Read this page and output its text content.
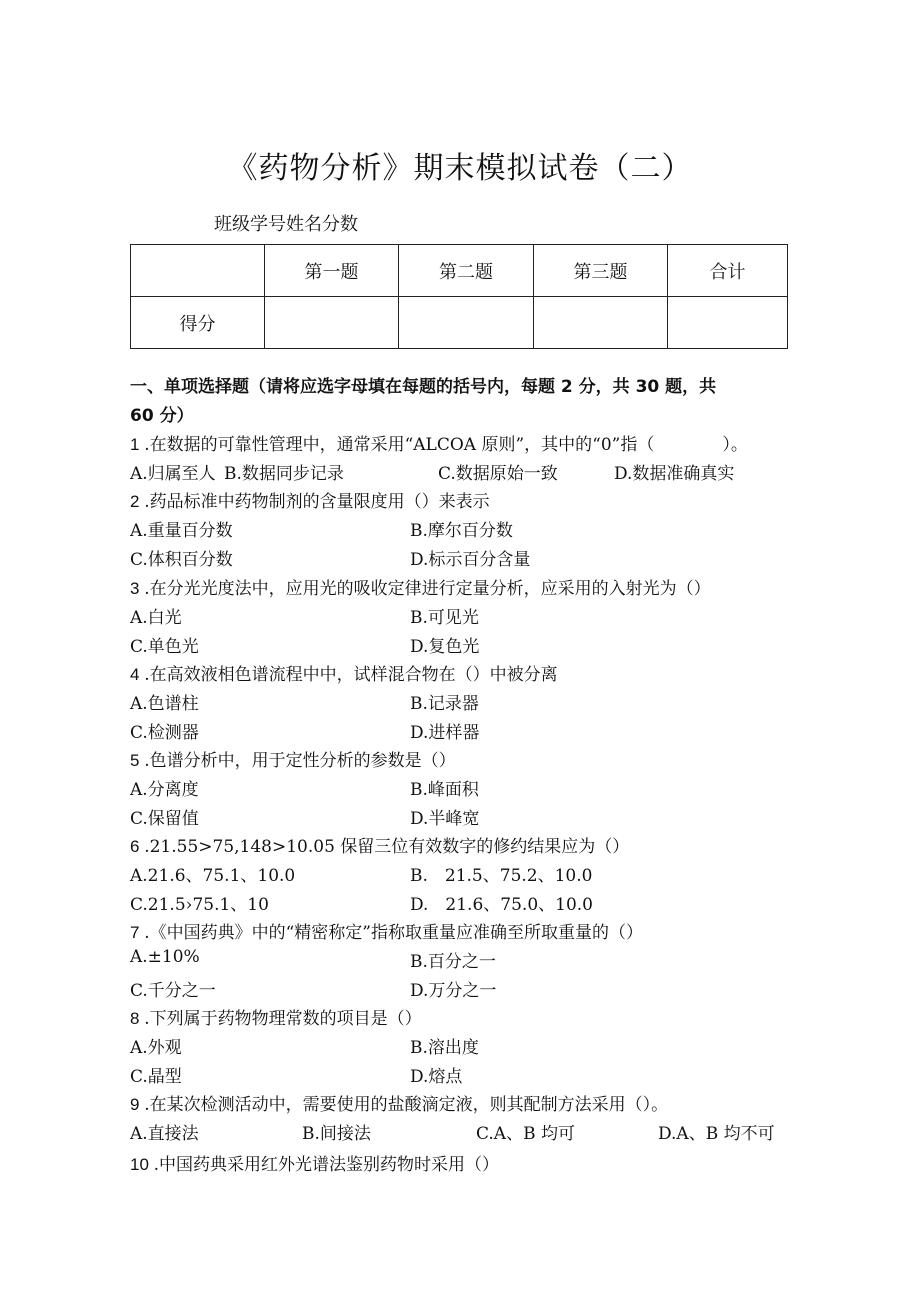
《药物分析》期末模拟试卷（二）
班级学号姓名分数
	第一题	第二题	第三题	合计
得分				
一、单项选择题（请将应选字母填在每题的括号内，每题 2 分，共 30 题，共
60 分）
1 .在数据的可靠性管理中，通常采用“ALCOA 原则”，其中的“0”指（　　　　）。
A.归属至人 B.数据同步记录	C.数据原始一致	D.数据准确真实
2 .药品标准中药物制剂的含量限度用（）来表示
A.重量百分数	B.摩尔百分数
C.体积百分数	D.标示百分含量
3 .在分光光度法中，应用光的吸收定律进行定量分析，应采用的入射光为（）
A.白光	B.可见光
C.单色光	D.复色光
4 .在高效液相色谱流程中中，试样混合物在（）中被分离
A.色谱柱	B.记录器
C.检测器	D.进样器
5 .色谱分析中，用于定性分析的参数是（）
A.分离度	B.峰面积
C.保留值	D.半峰宽
6 .21.55>75,148>10.05 保留三位有效数字的修约结果应为（）
A.21.6、75.1、10.0	B.　21.5、75.2、10.0
C.21.5›75.1、10	D.　21.6、75.0、10.0
7 .《中国药典》中的“精密称定”指称取重量应准确至所取重量的（）
A.±10%	B.百分之一
C.千分之一	D.万分之一
8 .下列属于药物物理常数的项目是（）
A.外观	B.溶出度
C.晶型	D.熔点
9 .在某次检测活动中，需要使用的盐酸滴定液，则其配制方法采用（）。
A.直接法	B.间接法	C.A、B 均可	D.A、B 均不可
10 .中国药典采用红外光谱法鉴别药物时采用（）
